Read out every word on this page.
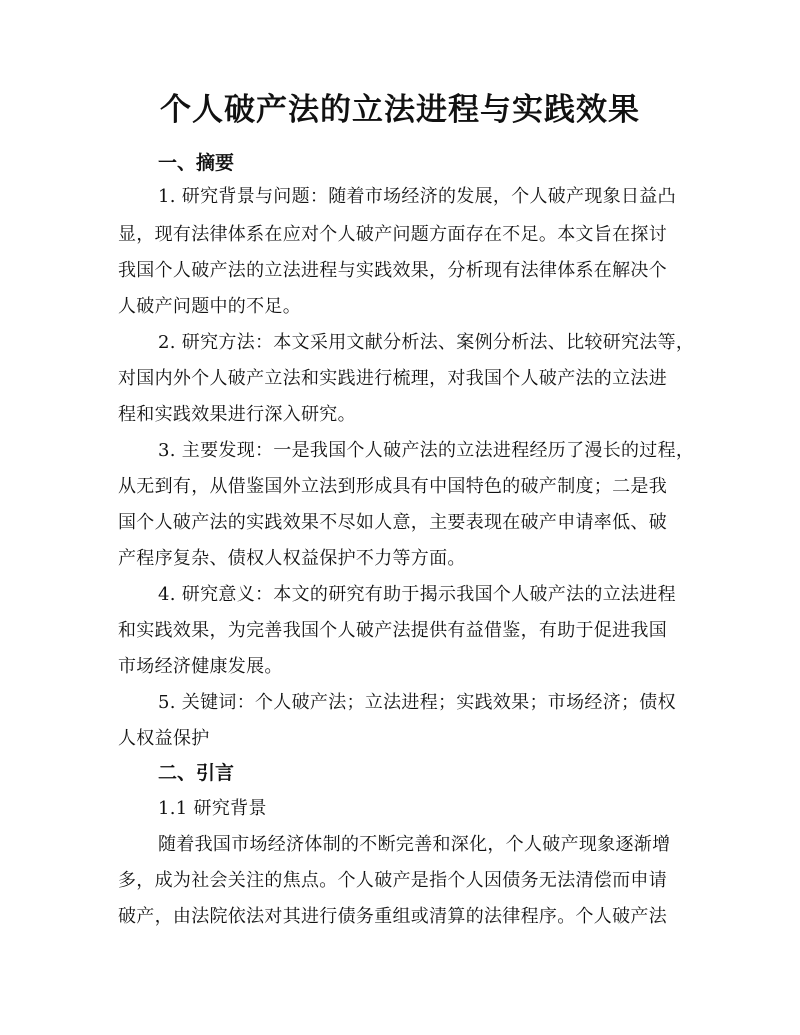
个人破产法的立法进程与实践效果
一、摘要
1. 研究背景与问题：随着市场经济的发展，个人破产现象日益凸
显，现有法律体系在应对个人破产问题方面存在不足。本文旨在探讨
我国个人破产法的立法进程与实践效果，分析现有法律体系在解决个
人破产问题中的不足。
2. 研究方法：本文采用文献分析法、案例分析法、比较研究法等，
对国内外个人破产立法和实践进行梳理，对我国个人破产法的立法进
程和实践效果进行深入研究。
3. 主要发现：一是我国个人破产法的立法进程经历了漫长的过程，
从无到有，从借鉴国外立法到形成具有中国特色的破产制度；二是我
国个人破产法的实践效果不尽如人意，主要表现在破产申请率低、破
产程序复杂、债权人权益保护不力等方面。
4. 研究意义：本文的研究有助于揭示我国个人破产法的立法进程
和实践效果，为完善我国个人破产法提供有益借鉴，有助于促进我国
市场经济健康发展。
5. 关键词：个人破产法；立法进程；实践效果；市场经济；债权
人权益保护
二、引言
1.1 研究背景
随着我国市场经济体制的不断完善和深化，个人破产现象逐渐增
多，成为社会关注的焦点。个人破产是指个人因债务无法清偿而申请
破产，由法院依法对其进行债务重组或清算的法律程序。个人破产法
